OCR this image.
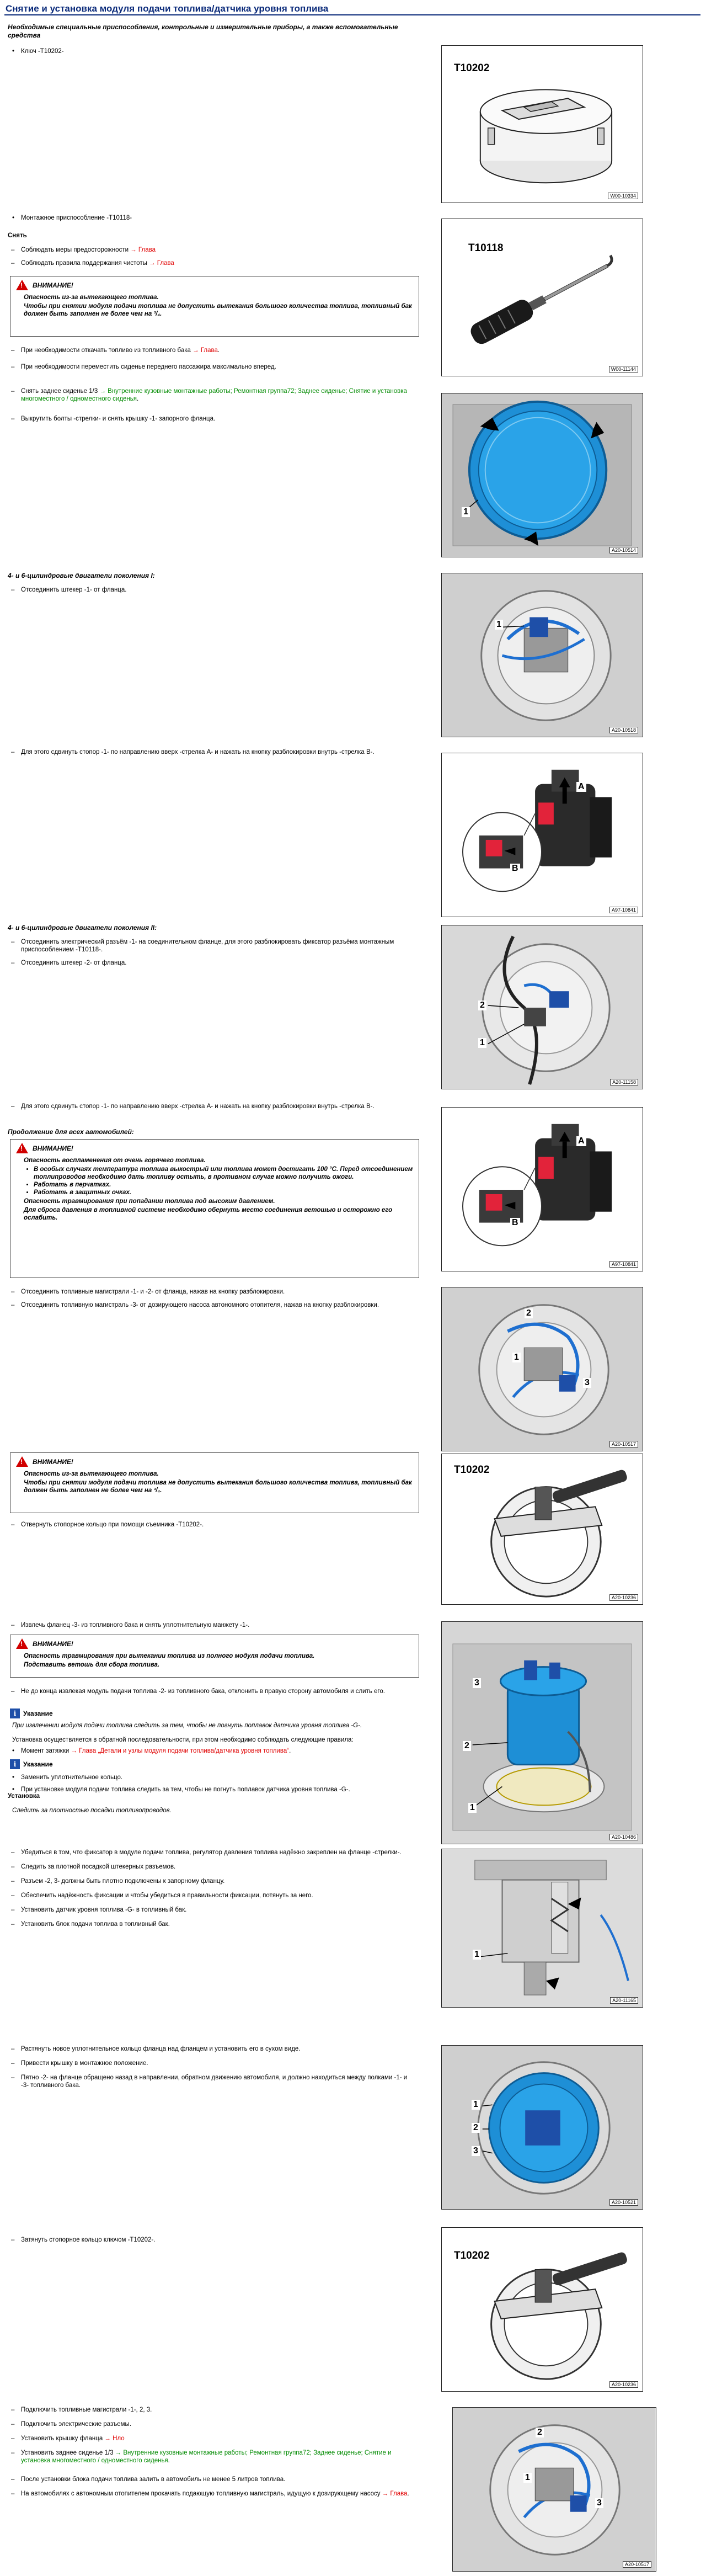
Снятие и установка модуля подачи топлива/датчика уровня топлива
Необходимые специальные приспособления, контрольные и измерительные приборы, а также вспомогательные средства
• Ключ -T10202-
T10202
W00-10334
• Монтажное приспособление -T10118-
T10118
W00-11144
Снять
– Соблюдать меры предосторожности → Глава
– Соблюдать правила поддержания чистоты → Глава
!
ВНИМАНИЕ!

Опасность из-за вытекающего топлива.

Чтобы при снятии модуля подачи топлива не допустить вытекания большого количества топлива, топливный бак должен быть заполнен не более чем на ³/₄.

– При необходимости откачать топливо из топливного бака → Глава.
– При необходимости переместить сиденье переднего пассажира максимально вперед.
– Снять заднее сиденье 1/3 → Внутренние кузовные монтажные работы; Ремонтная группа72; Заднее сиденье; Снятие и установка многоместного / одноместного сиденья.
– Выкрутить болты -стрелки- и снять крышку -1- запорного фланца.
1
A20-10514
4- и 6-цилиндровые двигатели поколения I:
– Отсоединить штекер -1- от фланца.
1
A20-10518
– Для этого сдвинуть стопор -1- по направлению вверх -стрелка A- и нажать на кнопку разблокировки внутрь -стрелка B-.
A
B
A97-10841
4- и 6-цилиндровые двигатели поколения II:
– Отсоединить электрический разъём -1- на соединительном фланце, для этого разблокировать фиксатор разъёма монтажным приспособлением -T10118-.
– Отсоединить штекер -2- от фланца.
2
1
A20-11158
– Для этого сдвинуть стопор -1- по направлению вверх -стрелка A- и нажать на кнопку разблокировки внутрь -стрелка B-.
A
B
A97-10841
Продолжение для всех автомобилей:
!
ВНИМАНИЕ!

Опасность воспламенения от очень горячего топлива.

• В особых случаях температура топлива выкострый или топлива может достигать 100 °C. Перед отсоединением топлипроводов необходимо дать топливу остыть, в противном случае можно получить ожоги.
• Работать в перчатках.
• Работать в защитных очках.

Опасность травмирования при попадании топлива под высоким давлением.

Для сброса давления в топливной системе необходимо обернуть место соединения ветошью и осторожно его ослабить.

– Отсоединить топливные магистрали -1- и -2- от фланца, нажав на кнопку разблокировки.
– Отсоединить топливную магистраль -3- от дозирующего насоса автономного отопителя, нажав на кнопку разблокировки.
2
1
3
A20-10517
!
ВНИМАНИЕ!

Опасность из-за вытекающего топлива.

Чтобы при снятии модуля подачи топлива не допустить вытекания большого количества топлива, топливный бак должен быть заполнен не более чем на ³/₄.

– Отвернуть стопорное кольцо при помощи съемника -T10202-.
T10202
A20-10236
– Извлечь фланец -3- из топливного бака и снять уплотнительную манжету -1-.
!
ВНИМАНИЕ!

Опасность травмирования при вытекании топлива из полного модуля подачи топлива.

Подставить ветошь для сбора топлива.

– Не до конца извлекая модуль подачи топлива -2- из топливного бака, отклонить в правую сторону автомобиля и слить его.
3
2
1
A20-10486
i	Указание
При извлечении модуля подачи топлива следить за тем, чтобы не погнуть поплавок датчика уровня топлива -G-.
Установка осуществляется в обратной последовательности, при этом необходимо соблюдать следующие правила:
• Момент затяжки → Глава „Детали и узлы модуля подачи топлива/датчика уровня топлива“.
i	Указание
• Заменить уплотнительное кольцо.
• При установке модуля подачи топлива следить за тем, чтобы не погнуть поплавок датчика уровня топлива -G-.
Следить за плотностью посадки топливопроводов.
– Убедиться в том, что фиксатор в модуле подачи топлива, регулятор давления топлива надёжно закреплен на фланце -стрелки-.
– Следить за плотной посадкой штекерных разъемов.
– Разъем -2, 3- должны быть плотно подключены к запорному фланцу.
– Обеспечить надёжность фиксации и чтобы убедиться в правильности фиксации, потянуть за него.
– Установить датчик уровня топлива -G- в топливный бак.
– Установить блок подачи топлива в топливный бак.
1
A20-11165
Установка
– Растянуть новое уплотнительное кольцо фланца над фланцем и установить его в сухом виде.
– Привести крышку в монтажное положение.
– Пятно -2- на фланце обращено назад в направлении, обратном движению автомобиля, и должно находиться между полками -1- и -3- топливного бака.
1
2
3
A20-10521
– Затянуть стопорное кольцо ключом -T10202-.
T10202
A20-10236
– Подключить топливные магистрали -1-, 2, 3.
– Подключить электрические разъемы.
– Установить крышку фланца → Нло
– Установить заднее сиденье 1/3 → Внутренние кузовные монтажные работы; Ремонтная группа72; Заднее сиденье; Снятие и установка многоместного / одноместного сиденья.
– После установки блока подачи топлива залить в автомобиль не менее 5 литров топлива.
– На автомобилях с автономным отопителем прокачать подающую топливную магистраль, идущую к дозирующему насосу → Глава.
2
1
3
A20-10517
